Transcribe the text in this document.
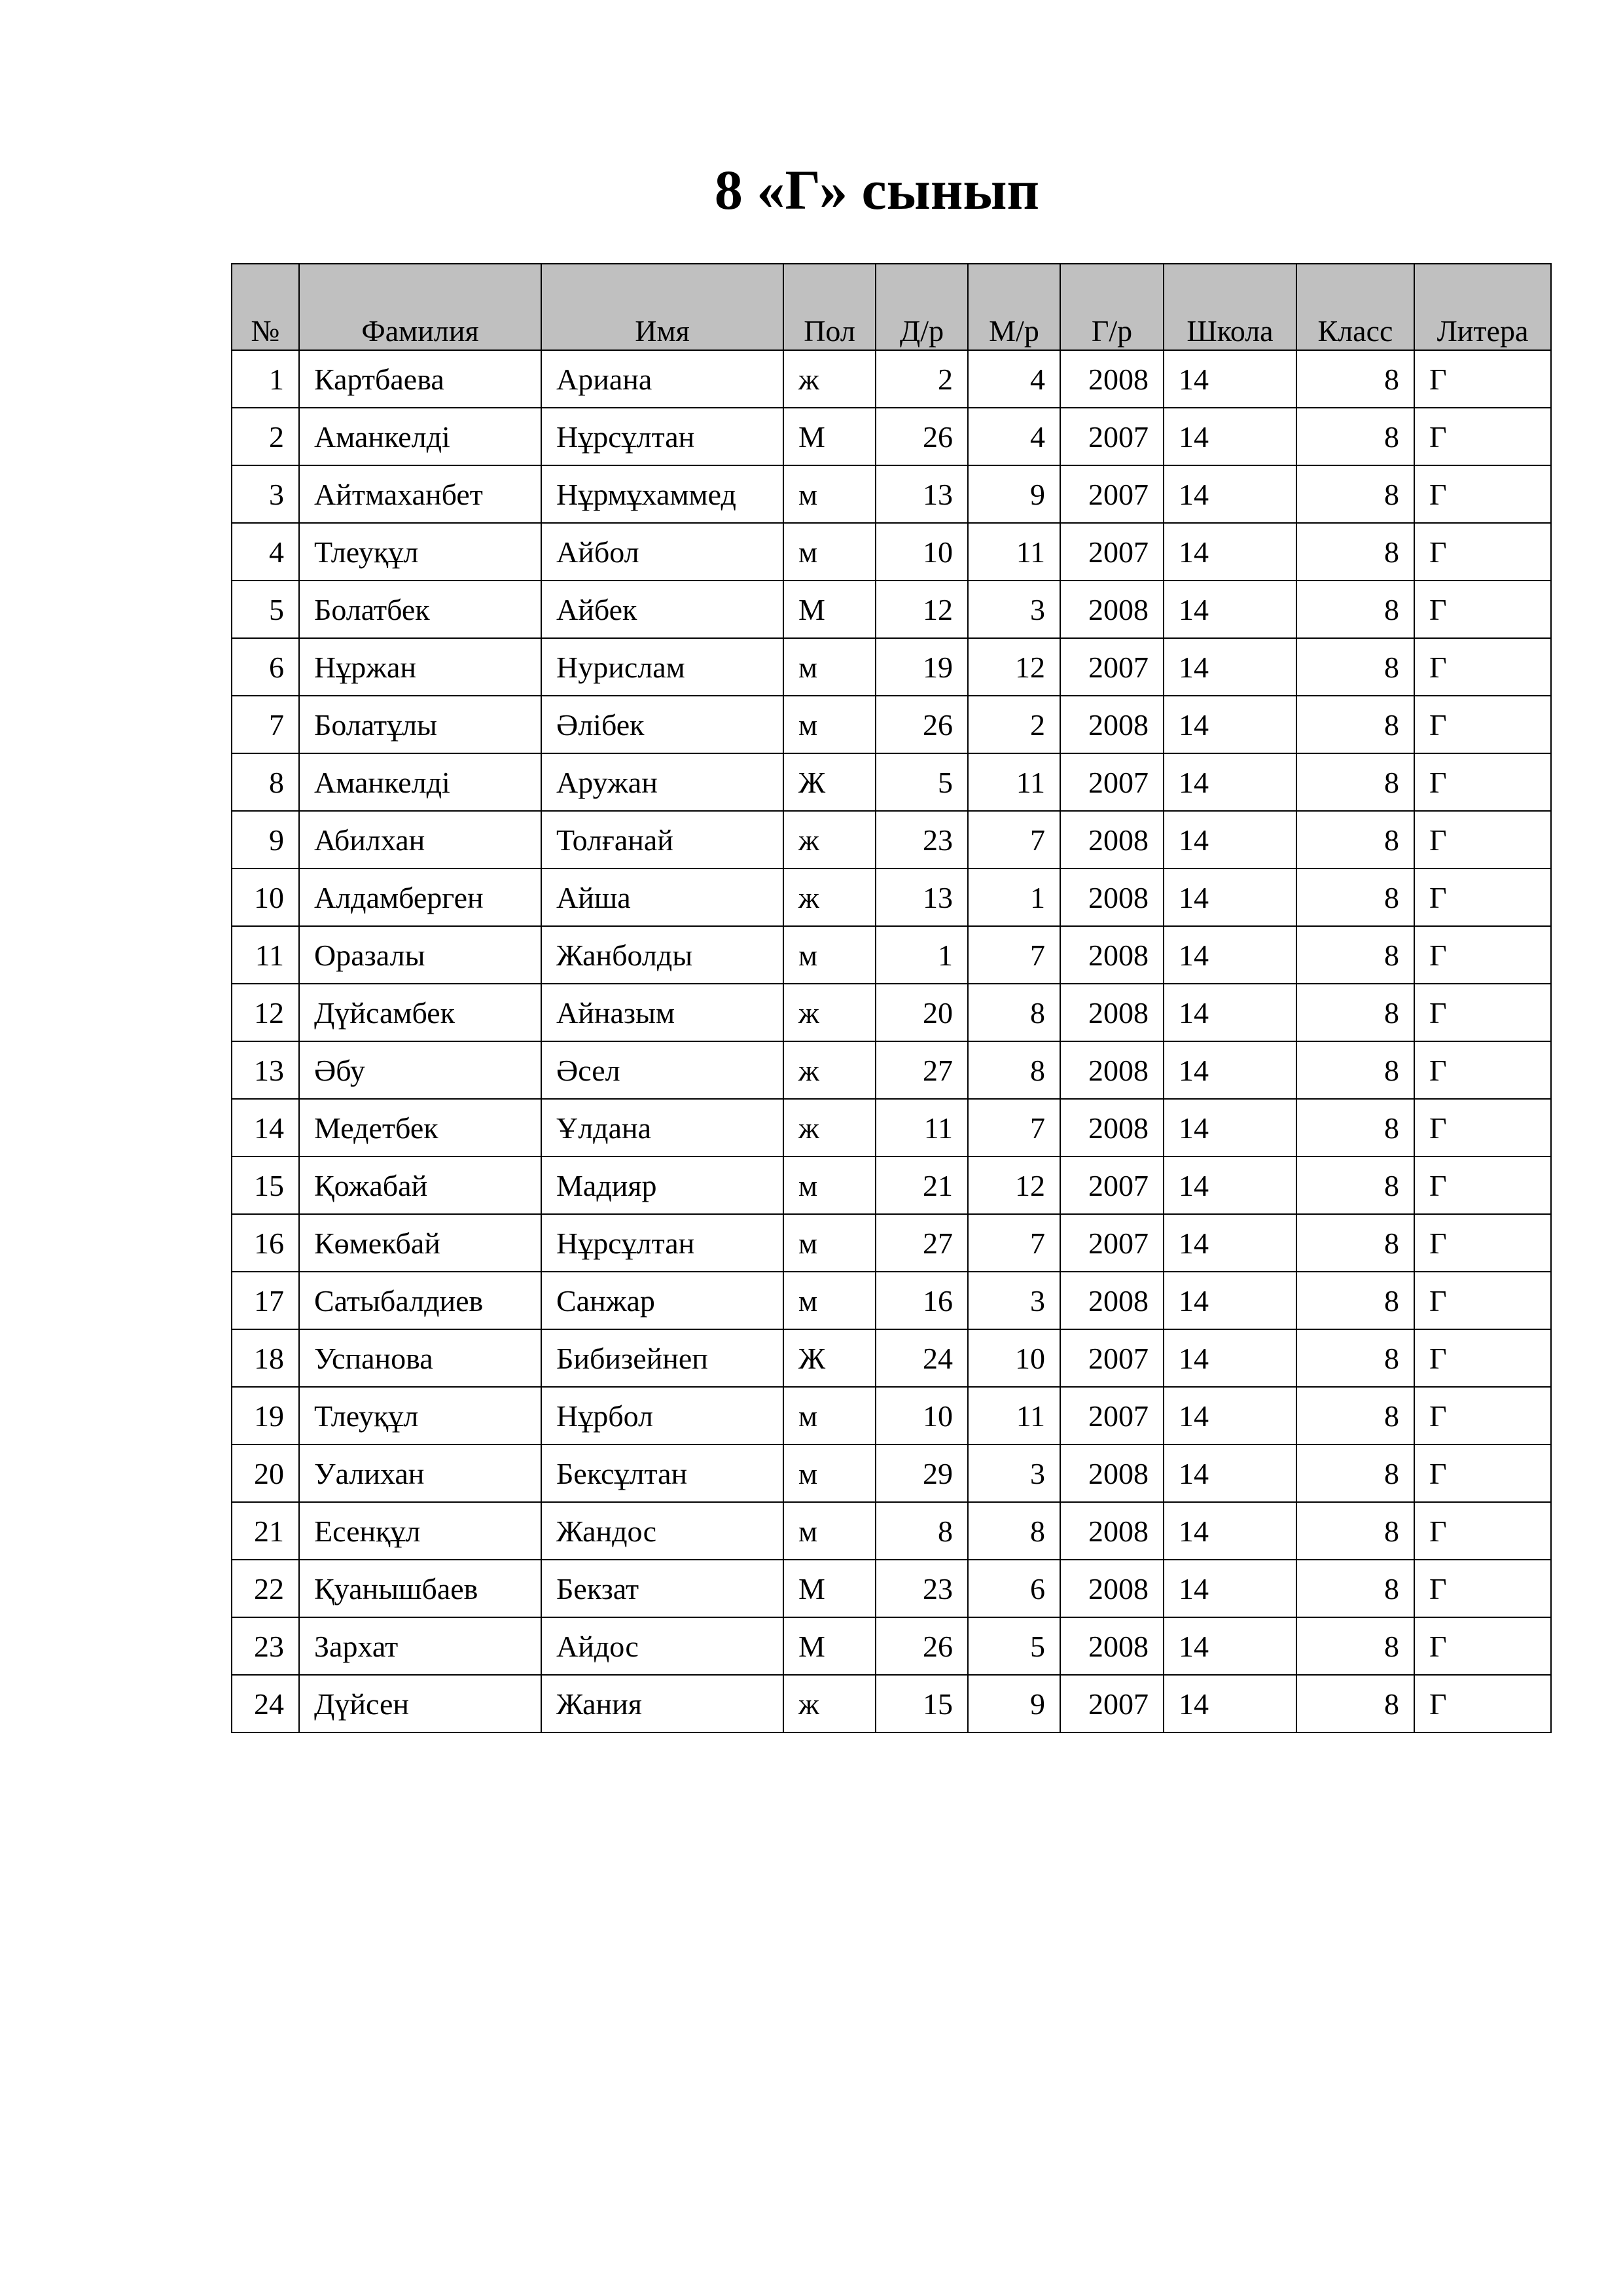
8 «Г» сынып
№	Фамилия	Имя	Пол	Д/р	М/р	Г/р	Школа	Класс	Литера
1	Картбаева	Ариана	ж	2	4	2008	14	8	Г
2	Аманкелді	Нұрсұлтан	М	26	4	2007	14	8	Г
3	Айтмаханбет	Нұрмұхаммед	м	13	9	2007	14	8	Г
4	Тлеуқұл	Айбол	м	10	11	2007	14	8	Г
5	Болатбек	Айбек	М	12	3	2008	14	8	Г
6	Нұржан	Нурислам	м	19	12	2007	14	8	Г
7	Болатұлы	Әлібек	м	26	2	2008	14	8	Г
8	Аманкелді	Аружан	Ж	5	11	2007	14	8	Г
9	Абилхан	Толғанай	ж	23	7	2008	14	8	Г
10	Алдамберген	Айша	ж	13	1	2008	14	8	Г
11	Оразалы	Жанболды	м	1	7	2008	14	8	Г
12	Дүйсамбек	Айназым	ж	20	8	2008	14	8	Г
13	Әбу	Әсел	ж	27	8	2008	14	8	Г
14	Медетбек	Ұлдана	ж	11	7	2008	14	8	Г
15	Қожабай	Мадияр	м	21	12	2007	14	8	Г
16	Көмекбай	Нұрсұлтан	м	27	7	2007	14	8	Г
17	Сатыбалдиев	Санжар	м	16	3	2008	14	8	Г
18	Успанова	Бибизейнеп	Ж	24	10	2007	14	8	Г
19	Тлеуқұл	Нұрбол	м	10	11	2007	14	8	Г
20	Уалихан	Бексұлтан	м	29	3	2008	14	8	Г
21	Есенқұл	Жандос	м	8	8	2008	14	8	Г
22	Қуанышбаев	Бекзат	М	23	6	2008	14	8	Г
23	Зархат	Айдос	М	26	5	2008	14	8	Г
24	Дүйсен	Жания	ж	15	9	2007	14	8	Г
